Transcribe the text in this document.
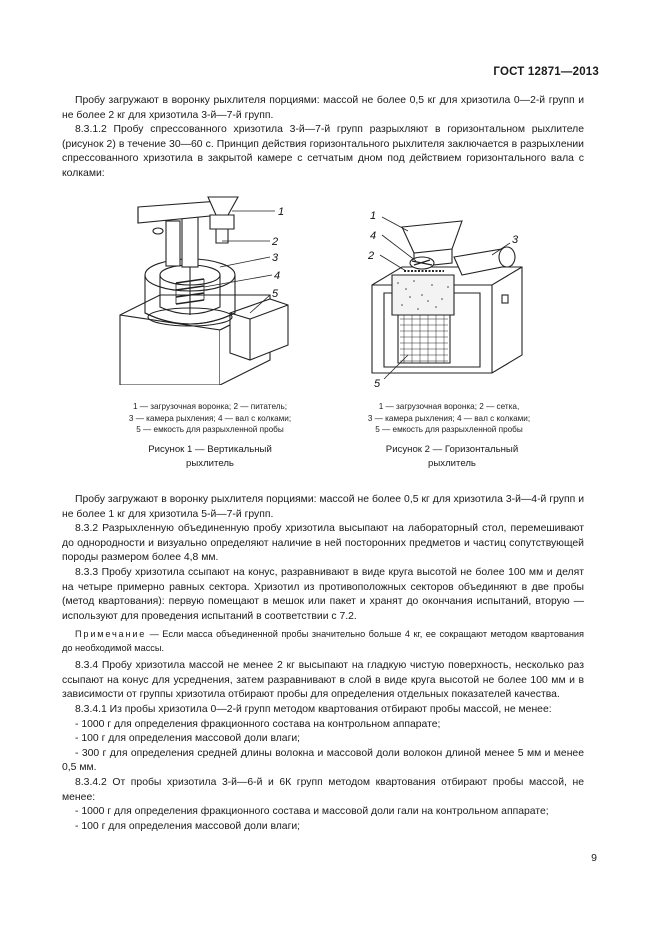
ГОСТ 12871—2013

Пробу загружают в воронку рыхлителя порциями: массой не более 0,5 кг для хризотила 0—2-й групп и не более 2 кг для хризотила 3-й—7-й групп.

8.3.1.2 Пробу спрессованного хризотила 3-й—7-й групп разрыхляют в горизонтальном рыхлителе (рисунок 2) в течение 30—60 с. Принцип действия горизонтального рыхлителя заключается в разрыхлении спрессованного хризотила в закрытой камере с сетчатым дном под действием горизонтального вала с колками:

1
2
3
4
5
1 — загрузочная воронка; 2 — питатель;
3 — камера рыхления; 4 — вал с колками;
5 — емкость для разрыхленной пробы
Рисунок 1 — Вертикальный
рыхлитель
1
4
2
3
5
1 — загрузочная воронка; 2 — сетка,
3 — камера рыхления; 4 — вал с колками;
5 — емкость для разрыхленной пробы
Рисунок 2 — Горизонтальный
рыхлитель

Пробу загружают в воронку рыхлителя порциями: массой не более 0,5 кг для хризотила 3-й—4-й групп и не более 1 кг для хризотила 5-й—7-й групп.

8.3.2 Разрыхленную объединенную пробу хризотила высыпают на лабораторный стол, перемешивают до однородности и визуально определяют наличие в ней посторонних предметов и частиц сопутствующей породы размером более 4,8 мм.

8.3.3 Пробу хризотила ссыпают на конус, разравнивают в виде круга высотой не более 100 мм и делят на четыре примерно равных сектора. Хризотил из противоположных секторов объединяют в две пробы (метод квартования): первую помещают в мешок или пакет и хранят до окончания испытаний, вторую — используют для проведения испытаний в соответствии с 7.2.

Примечание — Если масса объединенной пробы значительно больше 4 кг, ее сокращают методом квартования до необходимой массы.

8.3.4 Пробу хризотила массой не менее 2 кг высыпают на гладкую чистую поверхность, несколько раз ссыпают на конус для усреднения, затем разравнивают в слой в виде круга высотой не более 100 мм и в зависимости от группы хризотила отбирают пробы для определения отдельных показателей качества.

8.3.4.1 Из пробы хризотила 0—2-й групп методом квартования отбирают пробы массой, не менее:

- 1000 г для определения фракционного состава на контрольном аппарате;

- 100 г для определения массовой доли влаги;

- 300 г для определения средней длины волокна и массовой доли волокон длиной менее 5 мм и менее 0,5 мм.

8.3.4.2 От пробы хризотила 3-й—6-й и 6К групп методом квартования отбирают пробы массой, не менее:

- 1000 г для определения фракционного состава и массовой доли гали на контрольном аппарате;

- 100 г для определения массовой доли влаги;

9
